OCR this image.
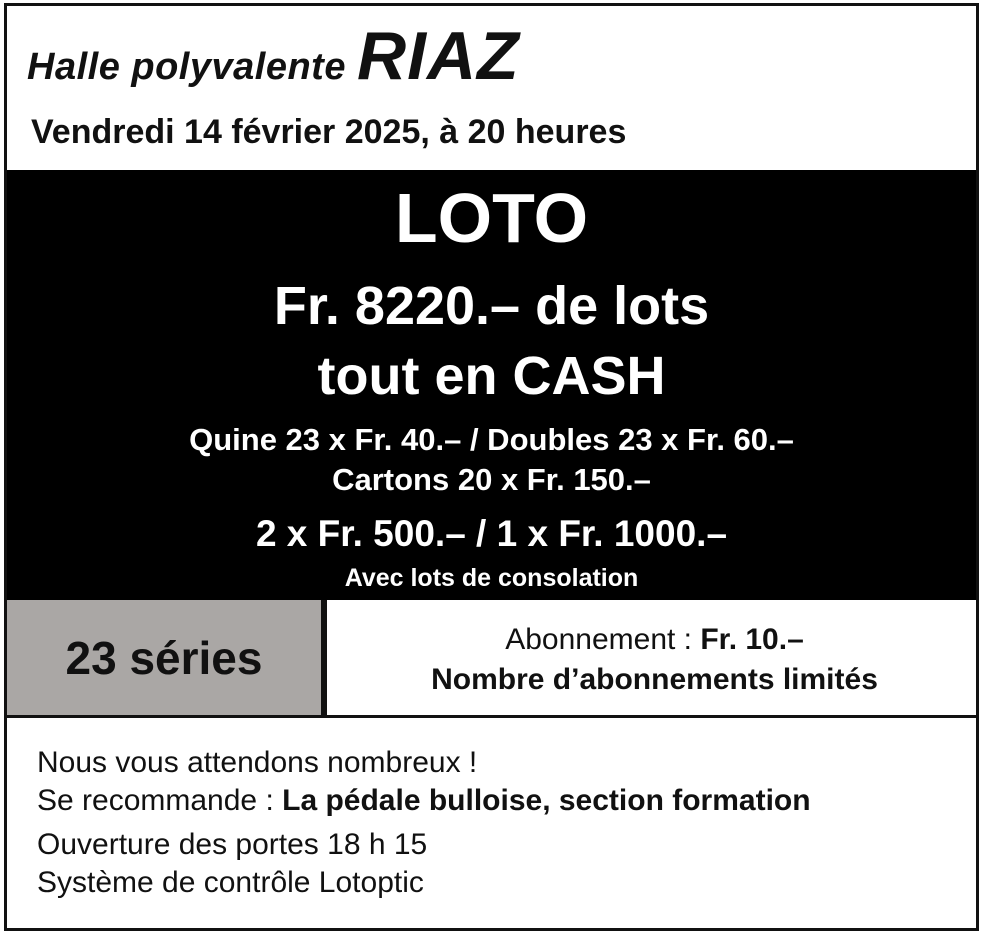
Halle polyvalente RIAZ
Vendredi 14 février 2025, à 20 heures
LOTO
Fr. 8220.– de lots
tout en CASH
Quine 23 x Fr. 40.– / Doubles 23 x Fr. 60.–
Cartons 20 x Fr. 150.–
2 x Fr. 500.– / 1 x Fr. 1000.–
Avec lots de consolation
23 séries	Abonnement : Fr. 10.–
Nombre d’abonnements limités
Nous vous attendons nombreux !
Se recommande : La pédale bulloise, section formation
Ouverture des portes 18 h 15
Système de contrôle Lotoptic
